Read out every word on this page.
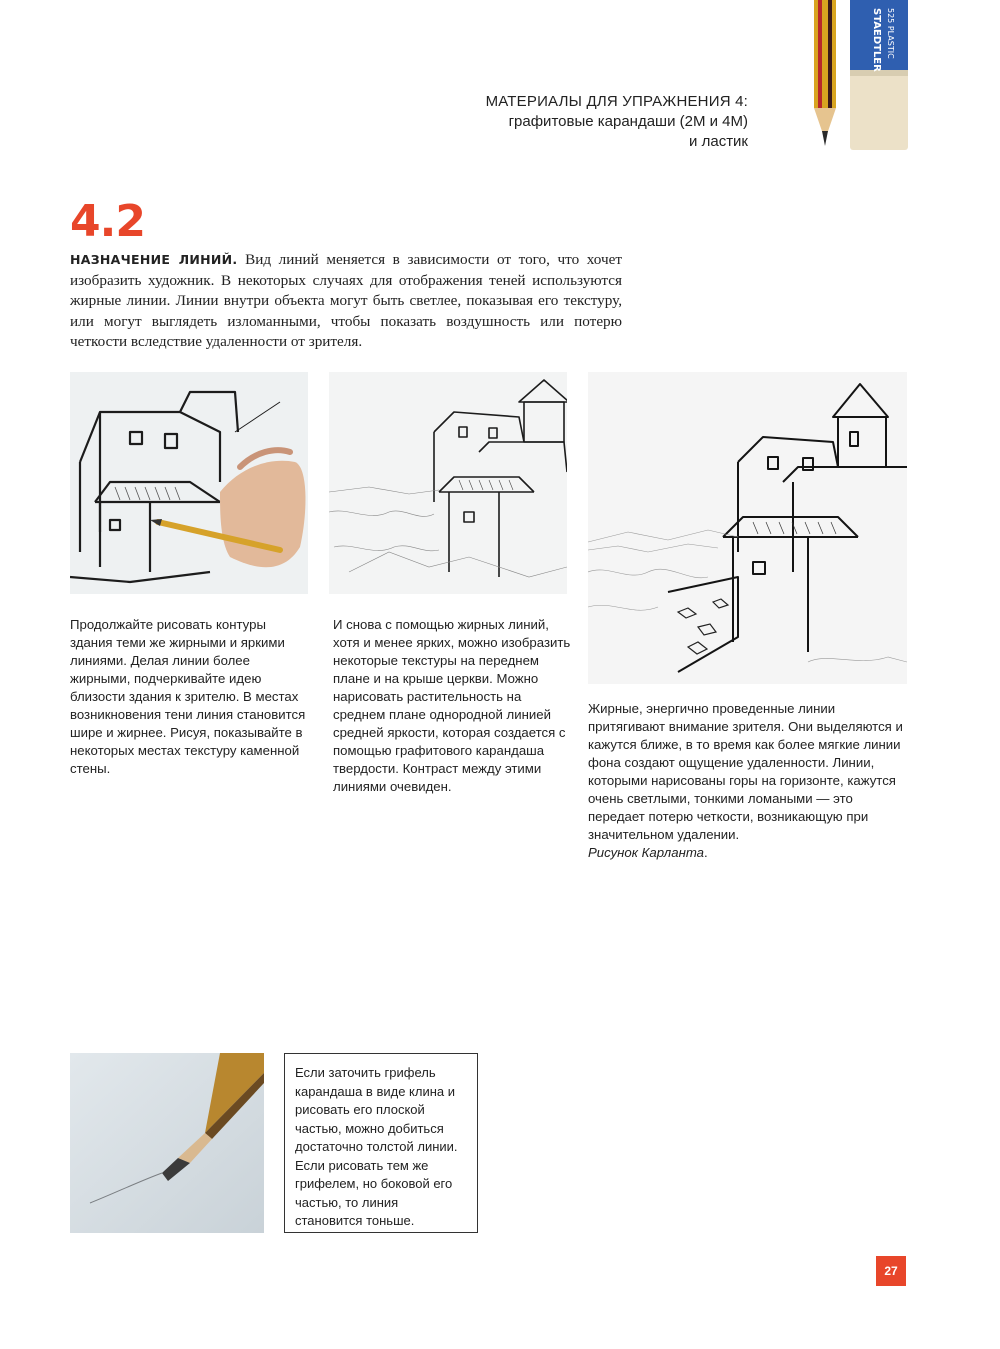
МАТЕРИАЛЫ ДЛЯ УПРАЖНЕНИЯ 4:
графитовые карандаши (2М и 4М)
и ластик
STAEDTLER 525 PLASTIC
4.2

НАЗНАЧЕНИЕ ЛИНИЙ. Вид линий меняется в зависимости от того, что хочет изобразить художник. В некоторых случаях для отображения теней используются жирные линии. Линии внутри объекта могут быть светлее, показывая его текстуру, или могут выглядеть изломанными, чтобы показать воздушность или потерю четкости вследствие удаленности от зрителя.

Продолжайте рисовать контуры здания теми же жирными и яркими линиями. Делая линии более жирными, подчеркивайте идею близости здания к зрителю. В местах возникновения тени линия становится шире и жирнее. Рисуя, показывайте в некоторых местах текстуру каменной стены.
И снова с помощью жирных линий, хотя и менее ярких, можно изобразить некоторые текстуры на переднем плане и на крыше церкви. Можно нарисовать растительность на среднем плане однородной линией средней яркости, которая создается с помощью графитового карандаша твердости. Контраст между этими линиями очевиден.
Жирные, энергично проведенные линии притягивают внимание зрителя. Они выделяются и кажутся ближе, в то время как более мягкие линии фона создают ощущение удаленности. Линии, которыми нарисованы горы на горизонте, кажутся очень светлыми, тонкими ломаными — это передает потерю четкости, возникающую при значительном удалении.
Рисунок Карланта.
Если заточить грифель карандаша в виде клина и рисовать его плоской частью, можно добиться достаточно толстой линии. Если рисовать тем же грифелем, но боковой его частью, то линия становится тоньше.
27
